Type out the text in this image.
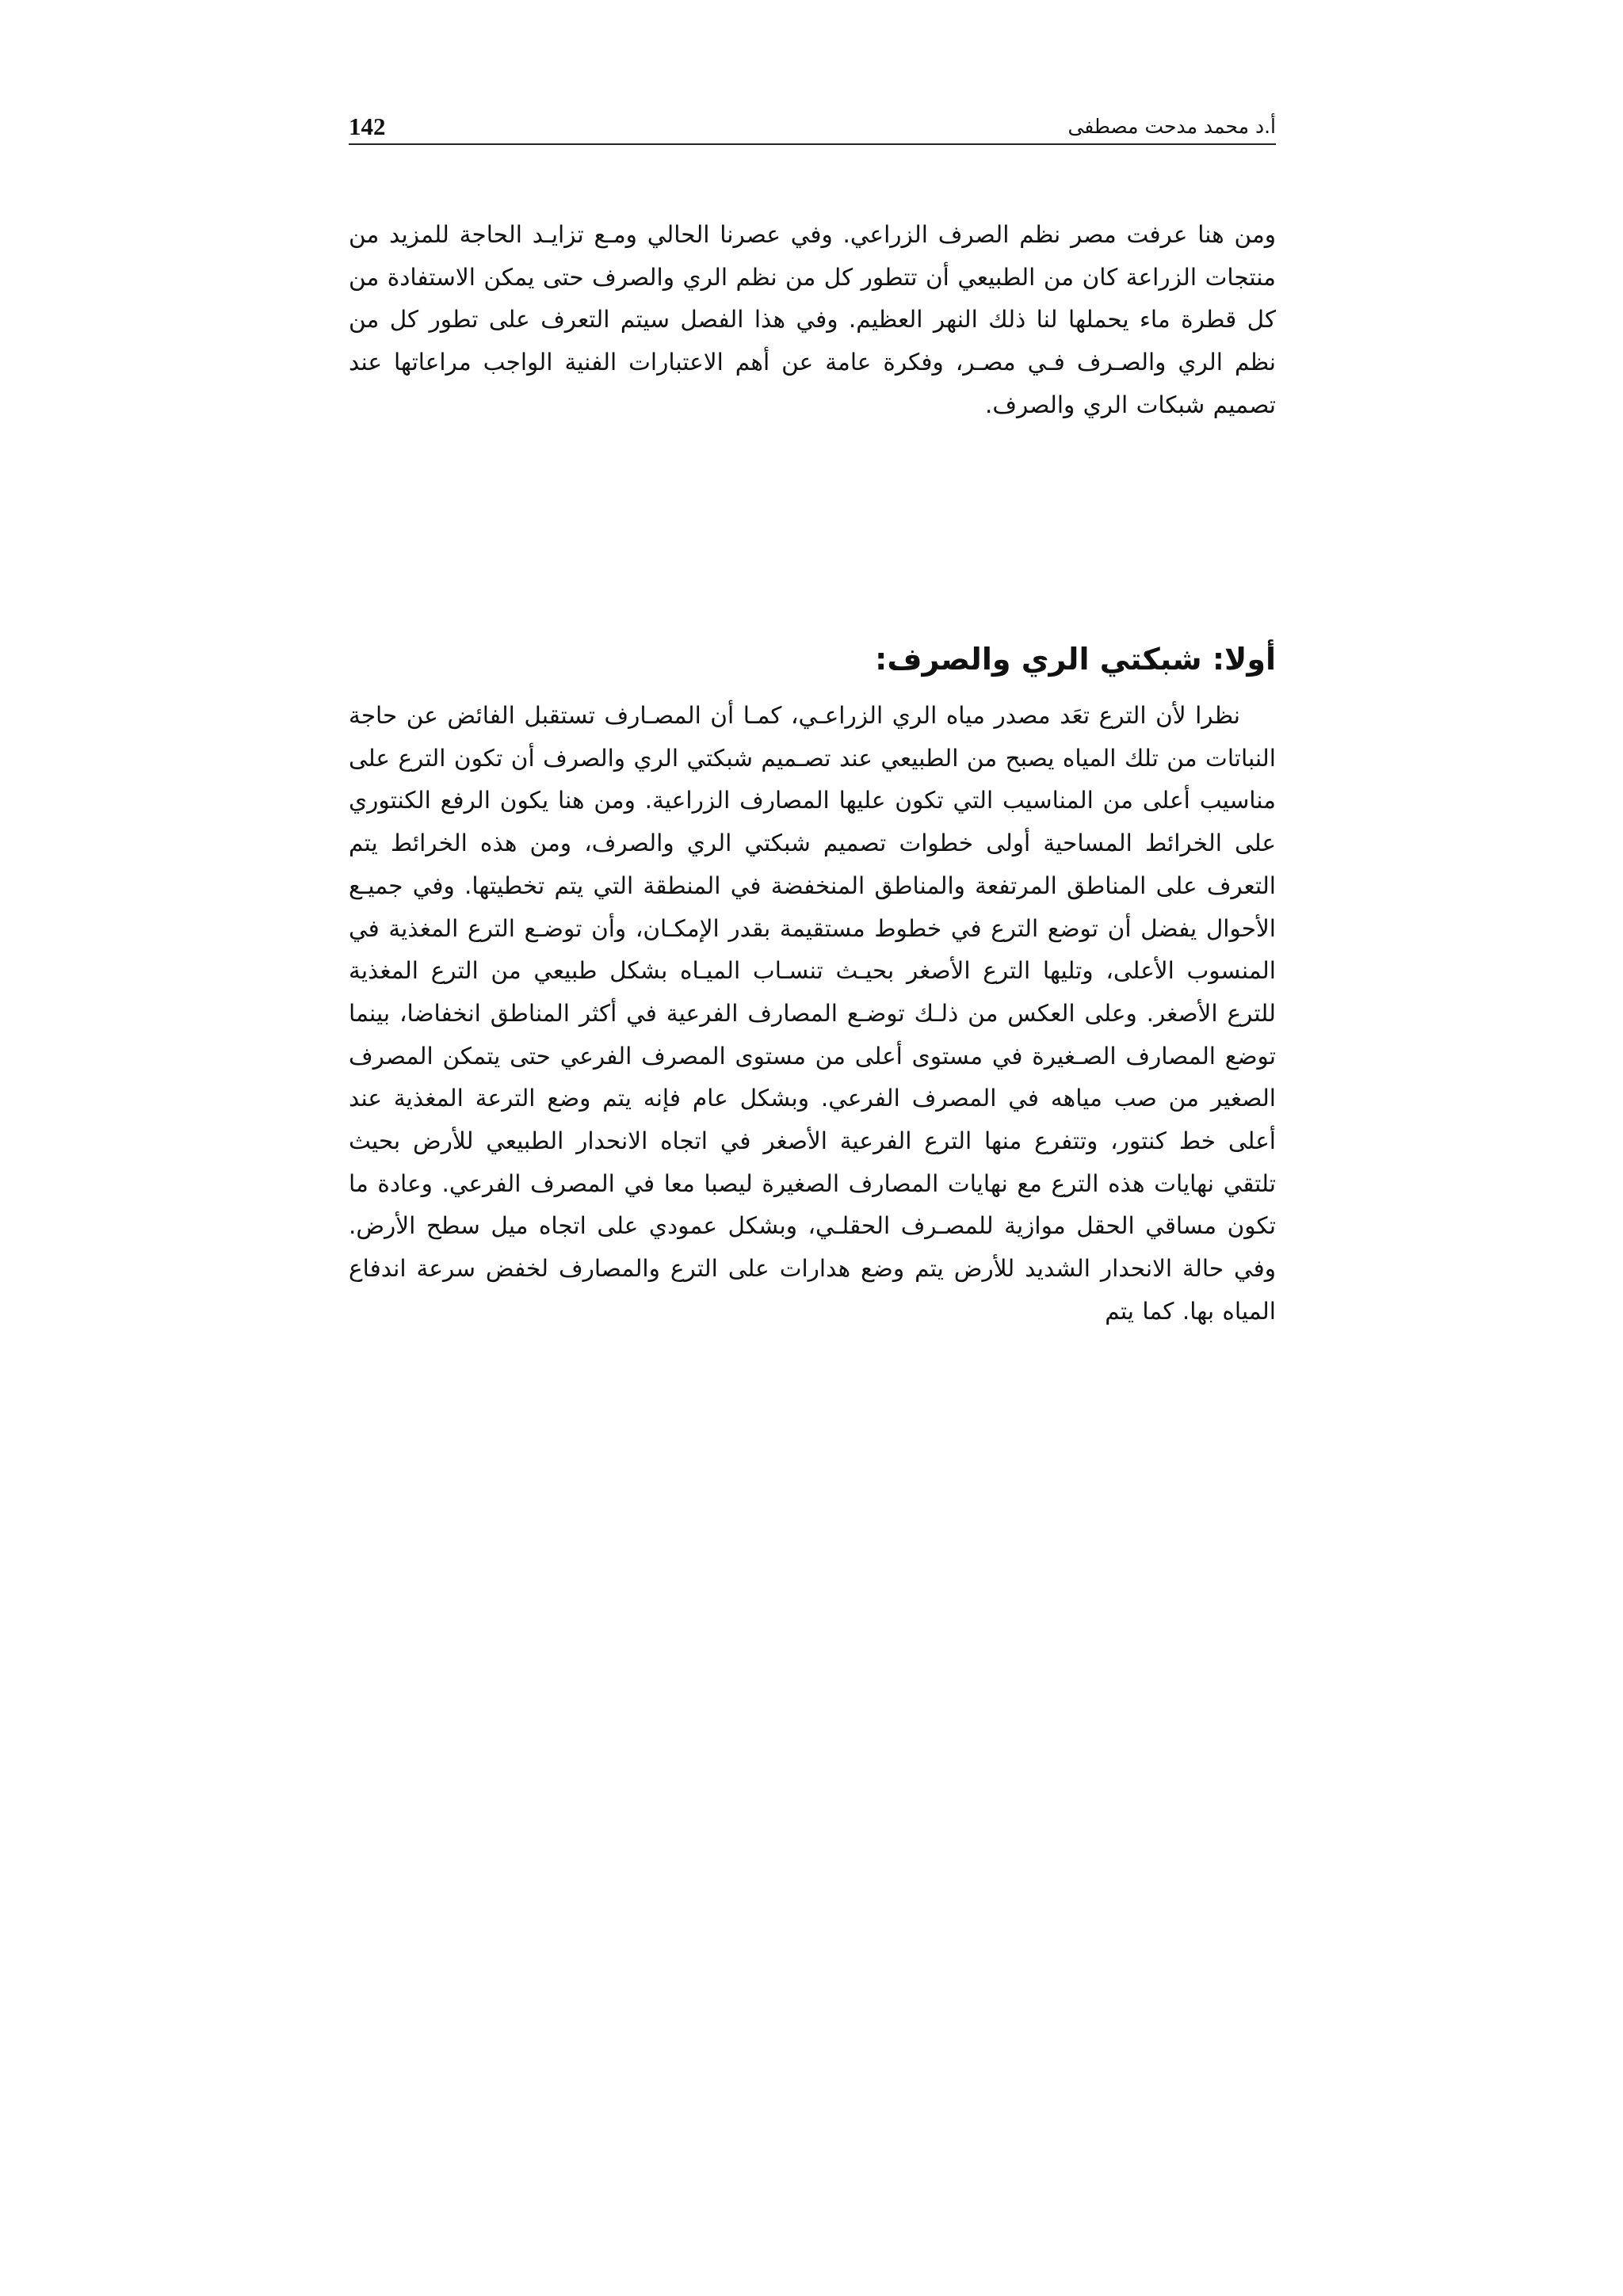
142	أ.د محمد مدحت مصطفى

ومن هنا عرفت مصر نظم الصرف الزراعي. وفي عصرنا الحالي ومـع تزايـد الحاجة للمزيد من منتجات الزراعة كان من الطبيعي أن تتطور كل من نظم الري والصرف حتى يمكن الاستفادة من كل قطرة ماء يحملها لنا ذلك النهر العظيم. وفي هذا الفصل سيتم التعرف على تطور كل من نظم الري والصـرف فـي مصـر، وفكرة عامة عن أهم الاعتبارات الفنية الواجب مراعاتها عند تصميم شبكات الري والصرف.

أولا: شبكتي الري والصرف:

نظرا لأن الترع تعَد مصدر مياه الري الزراعـي، كمـا أن المصـارف تستقبل الفائض عن حاجة النباتات من تلك المياه يصبح من الطبيعي عند تصـميم شبكتي الري والصرف أن تكون الترع على مناسيب أعلى من المناسيب التي تكون عليها المصارف الزراعية. ومن هنا يكون الرفع الكنتوري على الخرائط المساحية أولى خطوات تصميم شبكتي الري والصرف، ومن هذه الخرائط يتم التعرف على المناطق المرتفعة والمناطق المنخفضة في المنطقة التي يتم تخطيتها. وفي جميـع الأحوال يفضل أن توضع الترع في خطوط مستقيمة بقدر الإمكـان، وأن توضـع الترع المغذية في المنسوب الأعلى، وتليها الترع الأصغر بحيـث تنسـاب الميـاه بشكل طبيعي من الترع المغذية للترع الأصغر. وعلى العكس من ذلـك توضـع المصارف الفرعية في أكثر المناطق انخفاضا، بينما توضع المصارف الصـغيرة في مستوى أعلى من مستوى المصرف الفرعي حتى يتمكن المصرف الصغير من صب مياهه في المصرف الفرعي. وبشكل عام فإنه يتم وضع الترعة المغذية عند أعلى خط كنتور، وتتفرع منها الترع الفرعية الأصغر في اتجاه الانحدار الطبيعي للأرض بحيث تلتقي نهايات هذه الترع مع نهايات المصارف الصغيرة ليصبا معا في المصرف الفرعي. وعادة ما تكون مساقي الحقل موازية للمصـرف الحقلـي، وبشكل عمودي على اتجاه ميل سطح الأرض. وفي حالة الانحدار الشديد للأرض يتم وضع هدارات على الترع والمصارف لخفض سرعة اندفاع المياه بها. كما يتم
